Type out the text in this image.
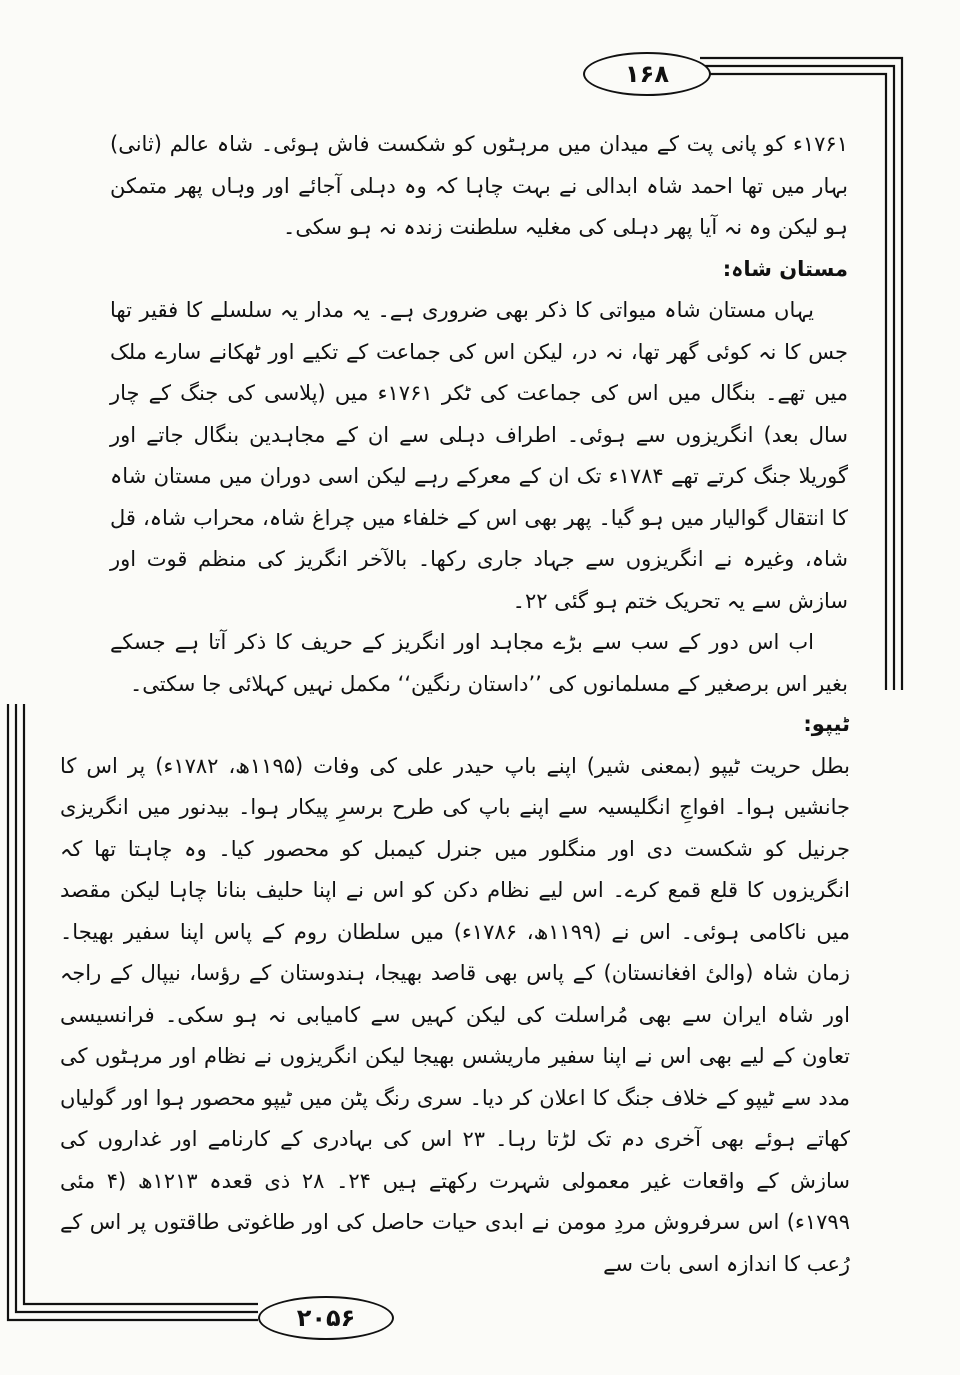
۱۶۸
۲۰۵۶

۱۷۶۱ء کو پانی پت کے میدان میں مرہٹوں کو شکست فاش ہوئی۔ شاہ عالم (ثانی) بہار میں تھا احمد شاہ ابدالی نے بہت چاہا کہ وہ دہلی آجائے اور وہاں پھر متمکن ہو لیکن وہ نہ آیا پھر دہلی کی مغلیہ سلطنت زندہ نہ ہو سکی۔

مستان شاہ:

یہاں مستان شاہ میواتی کا ذکر بھی ضروری ہے۔ یہ مدار یہ سلسلے کا فقیر تھا جس کا نہ کوئی گھر تھا، نہ در، لیکن اس کی جماعت کے تکیے اور ٹھکانے سارے ملک میں تھے۔ بنگال میں اس کی جماعت کی ٹکر ۱۷۶۱ء میں (پلاسی کی جنگ کے چار سال بعد) انگریزوں سے ہوئی۔ اطراف دہلی سے ان کے مجاہدین بنگال جاتے اور گوریلا جنگ کرتے تھے ۱۷۸۴ء تک ان کے معرکے رہے لیکن اسی دوران میں مستان شاہ کا انتقال گوالیار میں ہو گیا۔ پھر بھی اس کے خلفاء میں چراغ شاہ، محراب شاہ، قل شاہ، وغیرہ نے انگریزوں سے جہاد جاری رکھا۔ بالآخر انگریز کی منظم قوت اور سازش سے یہ تحریک ختم ہو گئی ۲۲۔

اب اس دور کے سب سے بڑے مجاہد اور انگریز کے حریف کا ذکر آتا ہے جسکے بغیر اس برصغیر کے مسلمانوں کی ’’داستان رنگین‘‘ مکمل نہیں کہلائی جا سکتی۔

ٹیپو:

بطل حریت ٹیپو (بمعنی شیر) اپنے باپ حیدر علی کی وفات (۱۱۹۵ھ، ۱۷۸۲ء) پر اس کا جانشیں ہوا۔ افواجِ انگلیسیہ سے اپنے باپ کی طرح برسرِ پیکار ہوا۔ بیدنور میں انگریزی جرنیل کو شکست دی اور منگلور میں جنرل کیمبل کو محصور کیا۔ وہ چاہتا تھا کہ انگریزوں کا قلع قمع کرے۔ اس لیے نظام دکن کو اس نے اپنا حلیف بنانا چاہا لیکن مقصد میں ناکامی ہوئی۔ اس نے (۱۱۹۹ھ، ۱۷۸۶ء) میں سلطان روم کے پاس اپنا سفیر بھیجا۔ زمان شاہ (والیٔ افغانستان) کے پاس بھی قاصد بھیجا، ہندوستان کے رؤسا، نیپال کے راجہ اور شاہ ایران سے بھی مُراسلت کی لیکن کہیں سے کامیابی نہ ہو سکی۔ فرانسیسی تعاون کے لیے بھی اس نے اپنا سفیر ماریشس بھیجا لیکن انگریزوں نے نظام اور مرہٹوں کی مدد سے ٹیپو کے خلاف جنگ کا اعلان کر دیا۔ سری رنگ پٹن میں ٹیپو محصور ہوا اور گولیاں کھاتے ہوئے بھی آخری دم تک لڑتا رہا۔ ۲۳ اس کی بہادری کے کارنامے اور غداروں کی سازش کے واقعات غیر معمولی شہرت رکھتے ہیں ۲۴۔ ۲۸ ذی قعدہ ۱۲۱۳ھ (۴ مئی ۱۷۹۹ء) اس سرفروش مردِ مومن نے ابدی حیات حاصل کی اور طاغوتی طاقتوں پر اس کے رُعب کا اندازہ اسی بات سے
